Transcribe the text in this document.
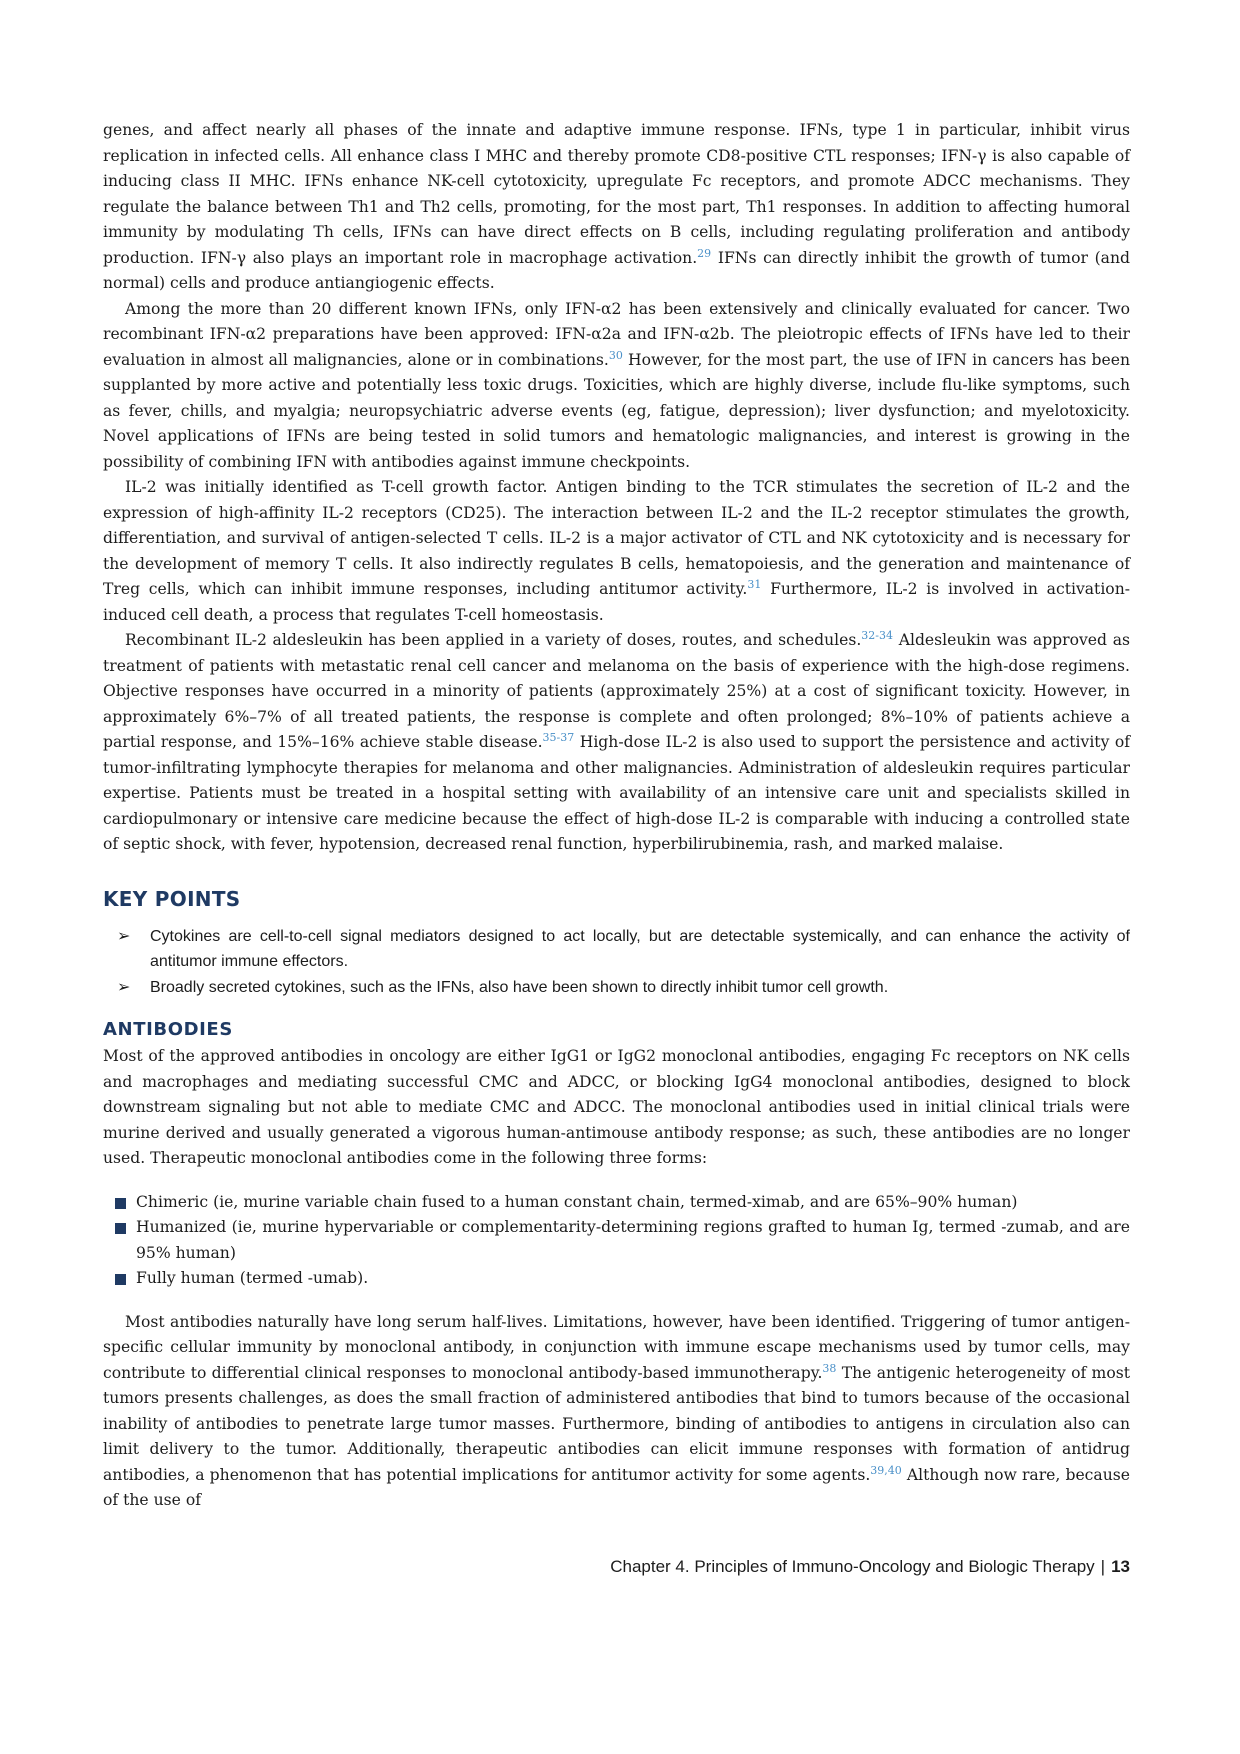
genes, and affect nearly all phases of the innate and adaptive immune response. IFNs, type 1 in particular, inhibit virus replication in infected cells. All enhance class I MHC and thereby promote CD8-positive CTL responses; IFN-γ is also capable of inducing class II MHC. IFNs enhance NK-cell cytotoxicity, upregulate Fc receptors, and promote ADCC mechanisms. They regulate the balance between Th1 and Th2 cells, promoting, for the most part, Th1 responses. In addition to affecting humoral immunity by modulating Th cells, IFNs can have direct effects on B cells, including regulating proliferation and antibody production. IFN-γ also plays an important role in macrophage activation.$^{29}$ IFNs can directly inhibit the growth of tumor (and normal) cells and produce antiangiogenic effects.

Among the more than 20 different known IFNs, only IFN-α2 has been extensively and clinically evaluated for cancer. Two recombinant IFN-α2 preparations have been approved: IFN-α2a and IFN-α2b. The pleiotropic effects of IFNs have led to their evaluation in almost all malignancies, alone or in combinations.$^{30}$ However, for the most part, the use of IFN in cancers has been supplanted by more active and potentially less toxic drugs. Toxicities, which are highly diverse, include flu-like symptoms, such as fever, chills, and myalgia; neuropsychiatric adverse events (eg, fatigue, depression); liver dysfunction; and myelotoxicity. Novel applications of IFNs are being tested in solid tumors and hematologic malignancies, and interest is growing in the possibility of combining IFN with antibodies against immune checkpoints.

IL-2 was initially identified as T-cell growth factor. Antigen binding to the TCR stimulates the secretion of IL-2 and the expression of high-affinity IL-2 receptors (CD25). The interaction between IL-2 and the IL-2 receptor stimulates the growth, differentiation, and survival of antigen-selected T cells. IL-2 is a major activator of CTL and NK cytotoxicity and is necessary for the development of memory T cells. It also indirectly regulates B cells, hematopoiesis, and the generation and maintenance of Treg cells, which can inhibit immune responses, including antitumor activity.$^{31}$ Furthermore, IL-2 is involved in activation-induced cell death, a process that regulates T-cell homeostasis.

Recombinant IL-2 aldesleukin has been applied in a variety of doses, routes, and schedules.$^{32-34}$ Aldesleukin was approved as treatment of patients with metastatic renal cell cancer and melanoma on the basis of experience with the high-dose regimens. Objective responses have occurred in a minority of patients (approximately 25%) at a cost of significant toxicity. However, in approximately 6%–7% of all treated patients, the response is complete and often prolonged; 8%–10% of patients achieve a partial response, and 15%–16% achieve stable disease.$^{35-37}$ High-dose IL-2 is also used to support the persistence and activity of tumor-infiltrating lymphocyte therapies for melanoma and other malignancies. Administration of aldesleukin requires particular expertise. Patients must be treated in a hospital setting with availability of an intensive care unit and specialists skilled in cardiopulmonary or intensive care medicine because the effect of high-dose IL-2 is comparable with inducing a controlled state of septic shock, with fever, hypotension, decreased renal function, hyperbilirubinemia, rash, and marked malaise.

KEY POINTS
➢ Cytokines are cell-to-cell signal mediators designed to act locally, but are detectable systemically, and can enhance the activity of antitumor immune effectors.
➢ Broadly secreted cytokines, such as the IFNs, also have been shown to directly inhibit tumor cell growth.
ANTIBODIES

Most of the approved antibodies in oncology are either IgG1 or IgG2 monoclonal antibodies, engaging Fc receptors on NK cells and macrophages and mediating successful CMC and ADCC, or blocking IgG4 monoclonal antibodies, designed to block downstream signaling but not able to mediate CMC and ADCC. The monoclonal antibodies used in initial clinical trials were murine derived and usually generated a vigorous human-antimouse antibody response; as such, these antibodies are no longer used. Therapeutic monoclonal antibodies come in the following three forms:

Chimeric (ie, murine variable chain fused to a human constant chain, termed-ximab, and are 65%–90% human)
Humanized (ie, murine hypervariable or complementarity-determining regions grafted to human Ig, termed -zumab, and are 95% human)
Fully human (termed -umab).

Most antibodies naturally have long serum half-lives. Limitations, however, have been identified. Triggering of tumor antigen-specific cellular immunity by monoclonal antibody, in conjunction with immune escape mechanisms used by tumor cells, may contribute to differential clinical responses to monoclonal antibody-based immunotherapy.$^{38}$ The antigenic heterogeneity of most tumors presents challenges, as does the small fraction of administered antibodies that bind to tumors because of the occasional inability of antibodies to penetrate large tumor masses. Furthermore, binding of antibodies to antigens in circulation also can limit delivery to the tumor. Additionally, therapeutic antibodies can elicit immune responses with formation of antidrug antibodies, a phenomenon that has potential implications for antitumor activity for some agents.$^{39,40}$ Although now rare, because of the use of

Chapter 4. Principles of Immuno-Oncology and Biologic Therapy | 13
